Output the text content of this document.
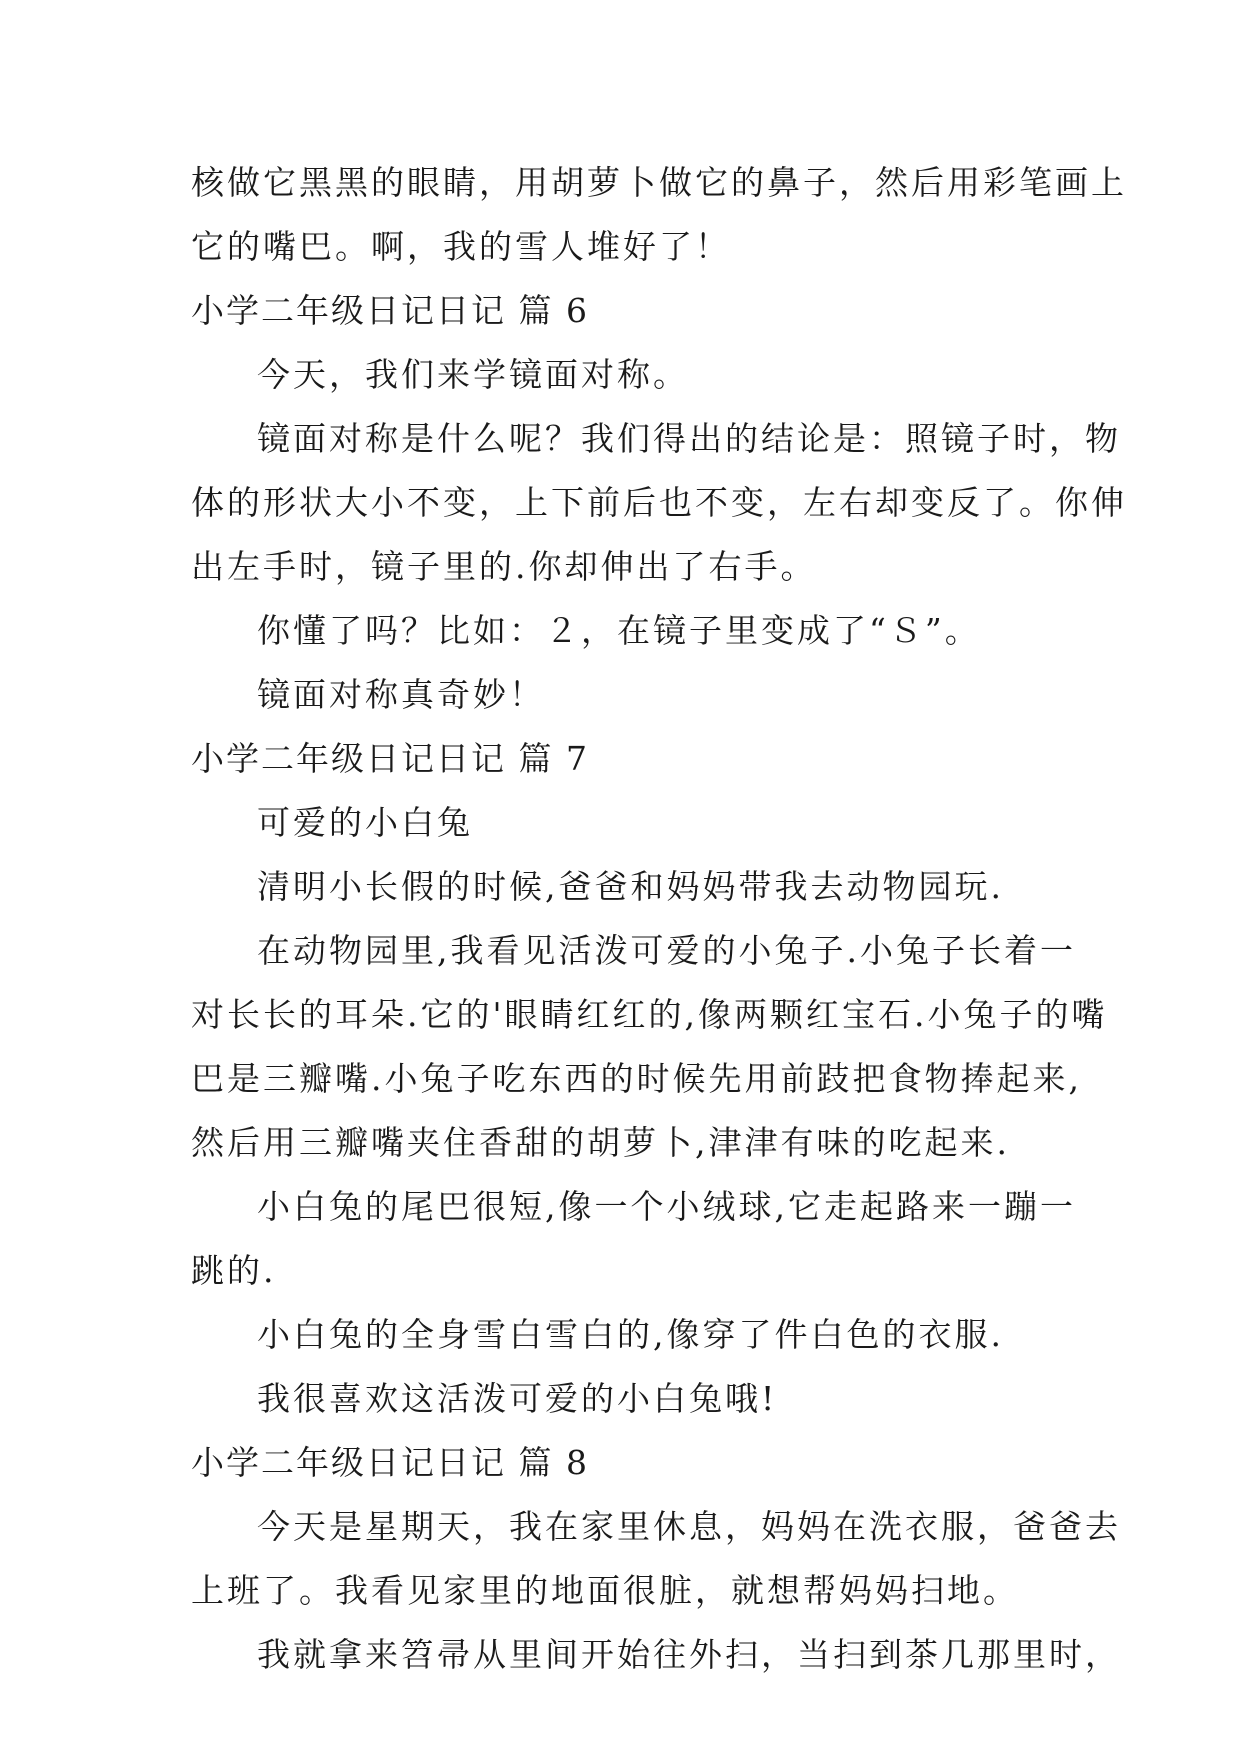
核做它黑黑的眼睛，用胡萝卜做它的鼻子，然后用彩笔画上
它的嘴巴。啊，我的雪人堆好了！
小学二年级日记日记 篇 6
今天，我们来学镜面对称。
镜面对称是什么呢？我们得出的结论是：照镜子时，物
体的形状大小不变，上下前后也不变，左右却变反了。你伸
出左手时，镜子里的.你却伸出了右手。
你懂了吗？比如：２，在镜子里变成了“Ｓ”。
镜面对称真奇妙！
小学二年级日记日记 篇 7
可爱的小白兔
清明小长假的时候,爸爸和妈妈带我去动物园玩.
在动物园里,我看见活泼可爱的小兔子.小兔子长着一
对长长的耳朵.它的'眼睛红红的,像两颗红宝石.小兔子的嘴
巴是三瓣嘴.小兔子吃东西的时候先用前跂把食物捧起来,
然后用三瓣嘴夹住香甜的胡萝卜,津津有味的吃起来.
小白兔的尾巴很短,像一个小绒球,它走起路来一蹦一
跳的.
小白兔的全身雪白雪白的,像穿了件白色的衣服.
我很喜欢这活泼可爱的小白兔哦!
小学二年级日记日记 篇 8
今天是星期天，我在家里休息，妈妈在洗衣服，爸爸去
上班了。我看见家里的地面很脏，就想帮妈妈扫地。
我就拿来笤帚从里间开始往外扫，当扫到茶几那里时，
